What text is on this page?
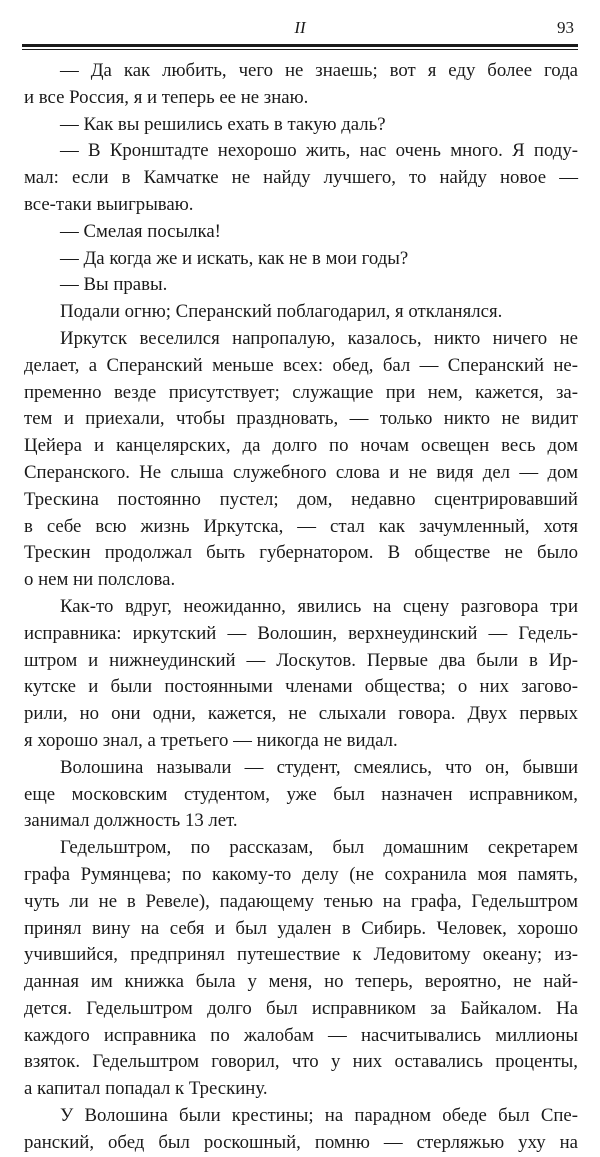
II	93
— Да как любить, чего не знаешь; вот я еду более года
и все Россия, я и теперь ее не знаю.
— Как вы решились ехать в такую даль?
— В Кронштадте нехорошо жить, нас очень много. Я поду-
мал: если в Камчатке не найду лучшего, то найду новое —
все-таки выигрываю.
— Смелая посылка!
— Да когда же и искать, как не в мои годы?
— Вы правы.
Подали огню; Сперанский поблагодарил, я откланялся.
Иркутск веселился напропалую, казалось, никто ничего не
делает, а Сперанский меньше всех: обед, бал — Сперанский не-
пременно везде присутствует; служащие при нем, кажется, за-
тем и приехали, чтобы праздновать, — только никто не видит
Цейера и канцелярских, да долго по ночам освещен весь дом
Сперанского. Не слыша служебного слова и не видя дел — дом
Трескина постоянно пустел; дом, недавно сцентрировавший
в себе всю жизнь Иркутска, — стал как зачумленный, хотя
Трескин продолжал быть губернатором. В обществе не было
о нем ни полслова.
Как-то вдруг, неожиданно, явились на сцену разговора три
исправника: иркутский — Волошин, верхнеудинский — Гедель-
штром и нижнеудинский — Лоскутов. Первые два были в Ир-
кутске и были постоянными членами общества; о них загово-
рили, но они одни, кажется, не слыхали говора. Двух первых
я хорошо знал, а третьего — никогда не видал.
Волошина называли — студент, смеялись, что он, бывши
еще московским студентом, уже был назначен исправником,
занимал должность 13 лет.
Гедельштром, по рассказам, был домашним секретарем
графа Румянцева; по какому-то делу (не сохранила моя память,
чуть ли не в Ревеле), падающему тенью на графа, Гедельштром
принял вину на себя и был удален в Сибирь. Человек, хорошо
учившийся, предпринял путешествие к Ледовитому океану; из-
данная им книжка была у меня, но теперь, вероятно, не най-
дется. Гедельштром долго был исправником за Байкалом. На
каждого исправника по жалобам — насчитывались миллионы
взяток. Гедельштром говорил, что у них оставались проценты,
а капитал попадал к Трескину.
У Волошина были крестины; на парадном обеде был Спе-
ранский, обед был роскошный, помню — стерляжью уху на
